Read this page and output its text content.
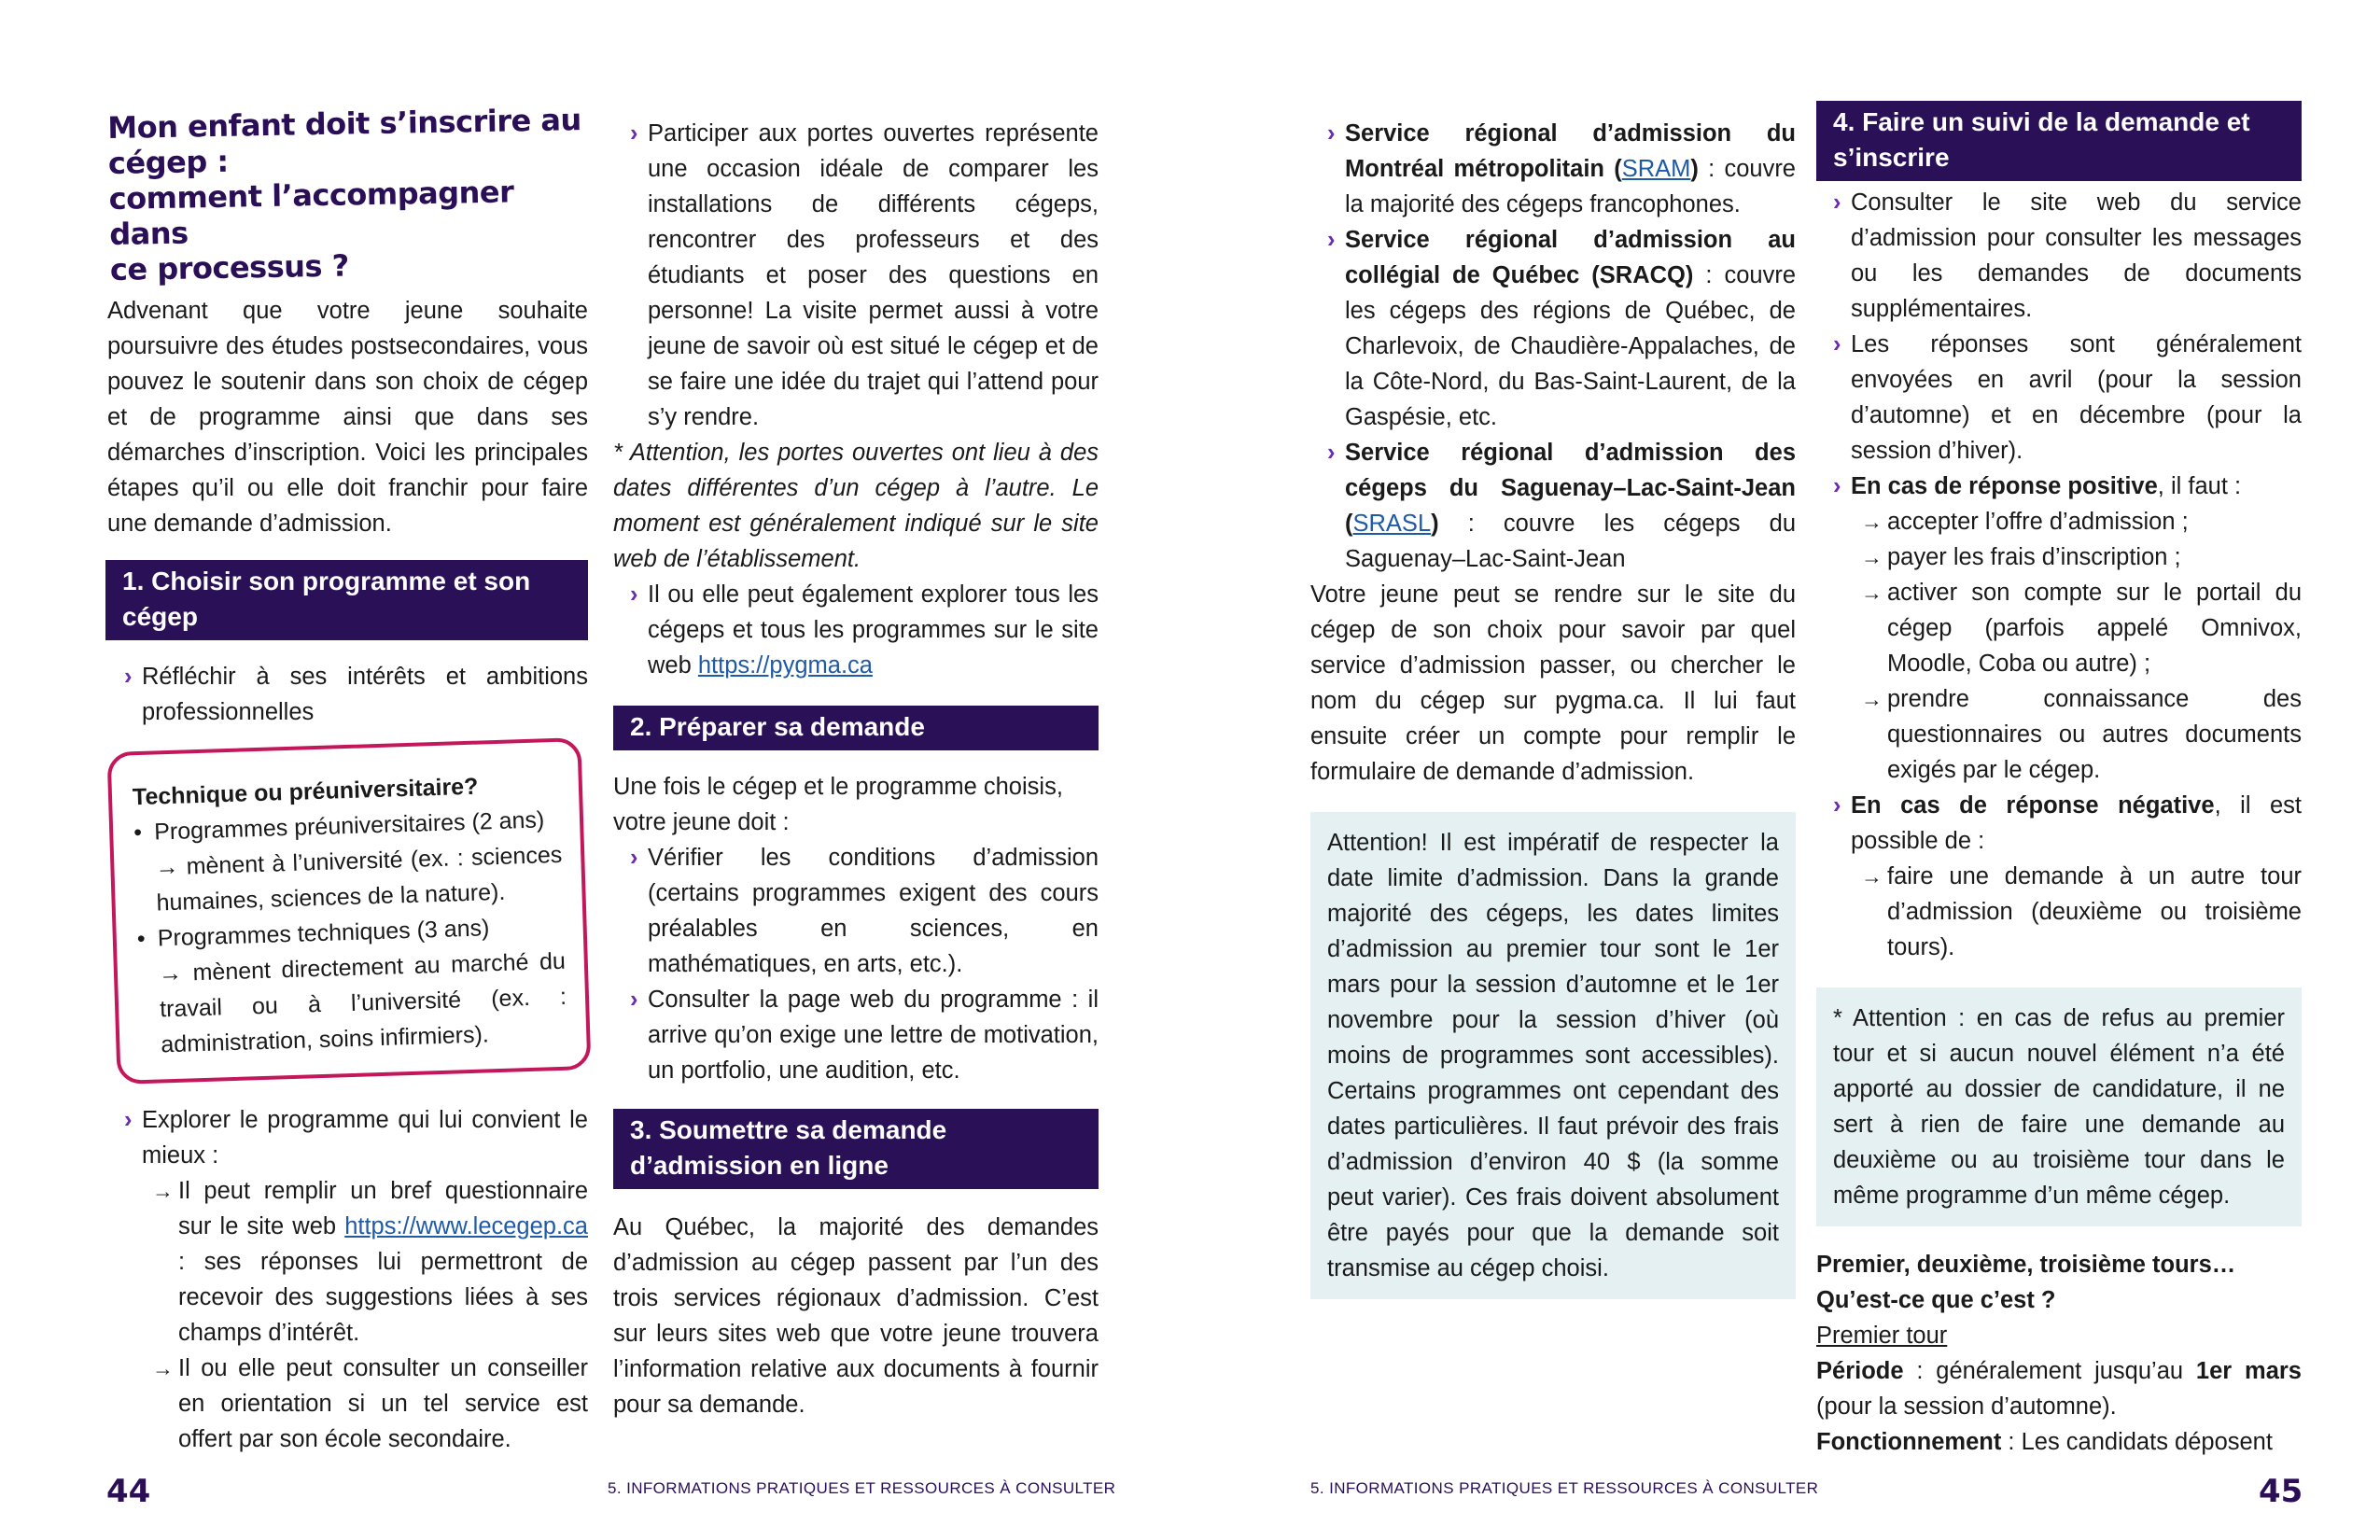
Mon enfant doit s’inscrire au
cégep :
comment l’accompagner dans
ce processus ?

Advenant que votre jeune souhaite poursuivre des études postsecondaires, vous pouvez le soutenir dans son choix de cégep et de programme ainsi que dans ses démarches d’inscription. Voici les principales étapes qu’il ou elle doit franchir pour faire une demande d’admission.

1. Choisir son programme et son cégep
› Réfléchir à ses intérêts et ambitions professionnelles
Technique ou préuniversitaire?
• Programmes préuniversitaires (2 ans)
→ mènent à l’université (ex. : sciences humaines, sciences de la nature).
• Programmes techniques (3 ans)
→ mènent directement au marché du travail ou à l’université (ex. : administration, soins infirmiers).
› Explorer le programme qui lui convient le mieux :
→ Il peut remplir un bref questionnaire sur le site web https://www.lecegep.ca : ses réponses lui permettront de recevoir des suggestions liées à ses champs d’intérêt.
→ Il ou elle peut consulter un conseiller en orientation si un tel service est offert par son école secondaire.
› Participer aux portes ouvertes représente une occasion idéale de comparer les installations de différents cégeps, rencontrer des professeurs et des étudiants et poser des questions en personne! La visite permet aussi à votre jeune de savoir où est situé le cégep et de se faire une idée du trajet qui l’attend pour s’y rendre.

* Attention, les portes ouvertes ont lieu à des dates différentes d’un cégep à l’autre. Le moment est généralement indiqué sur le site web de l’établissement.

› Il ou elle peut également explorer tous les cégeps et tous les programmes sur le site web https://pygma.ca
2. Préparer sa demande

Une fois le cégep et le programme choisis, votre jeune doit :

› Vérifier les conditions d’admission (certains programmes exigent des cours préalables en sciences, en mathématiques, en arts, etc.).
› Consulter la page web du programme : il arrive qu’on exige une lettre de motivation, un portfolio, une audition, etc.
3. Soumettre sa demande d’admission en ligne

Au Québec, la majorité des demandes d’admission au cégep passent par l’un des trois services régionaux d’admission. C’est sur leurs sites web que votre jeune trouvera l’information relative aux documents à fournir pour sa demande.

44	5. INFORMATIONS PRATIQUES ET RESSOURCES À CONSULTER
› Service régional d’admission du Montréal métropolitain (SRAM) : couvre la majorité des cégeps francophones.
› Service régional d’admission au collégial de Québec (SRACQ) : couvre les cégeps des régions de Québec, de Charlevoix, de Chaudière-Appalaches, de la Côte-Nord, du Bas-Saint-Laurent, de la Gaspésie, etc.
› Service régional d’admission des cégeps du Saguenay–Lac-Saint-Jean (SRASL) : couvre les cégeps du Saguenay–Lac-Saint-Jean

Votre jeune peut se rendre sur le site du cégep de son choix pour savoir par quel service d’admission passer, ou chercher le nom du cégep sur pygma.ca. Il lui faut ensuite créer un compte pour remplir le formulaire de demande d’admission.

Attention! Il est impératif de respecter la date limite d’admission. Dans la grande majorité des cégeps, les dates limites d’admission au premier tour sont le 1er mars pour la session d’automne et le 1er novembre pour la session d’hiver (où moins de programmes sont accessibles). Certains programmes ont cependant des dates particulières. Il faut prévoir des frais d’admission d’environ 40 $ (la somme peut varier). Ces frais doivent absolument être payés pour que la demande soit transmise au cégep choisi.
4. Faire un suivi de la demande et s’inscrire
› Consulter le site web du service d’admission pour consulter les messages ou les demandes de documents supplémentaires.
› Les réponses sont généralement envoyées en avril (pour la session d’automne) et en décembre (pour la session d’hiver).
› En cas de réponse positive, il faut :
→ accepter l’offre d’admission ;
→ payer les frais d’inscription ;
→ activer son compte sur le portail du cégep (parfois appelé Omnivox, Moodle, Coba ou autre) ;
→ prendre connaissance des questionnaires ou autres documents exigés par le cégep.
› En cas de réponse négative, il est possible de :
→ faire une demande à un autre tour d’admission (deuxième ou troisième tours).
* Attention : en cas de refus au premier tour et si aucun nouvel élément n’a été apporté au dossier de candidature, il ne sert à rien de faire une demande au deuxième ou au troisième tour dans le même programme d’un même cégep.
Premier, deuxième, troisième tours…
Qu’est-ce que c’est ?
Premier tour

Période : généralement jusqu’au 1er mars (pour la session d’automne).

Fonctionnement : Les candidats déposent

5. INFORMATIONS PRATIQUES ET RESSOURCES À CONSULTER	45
